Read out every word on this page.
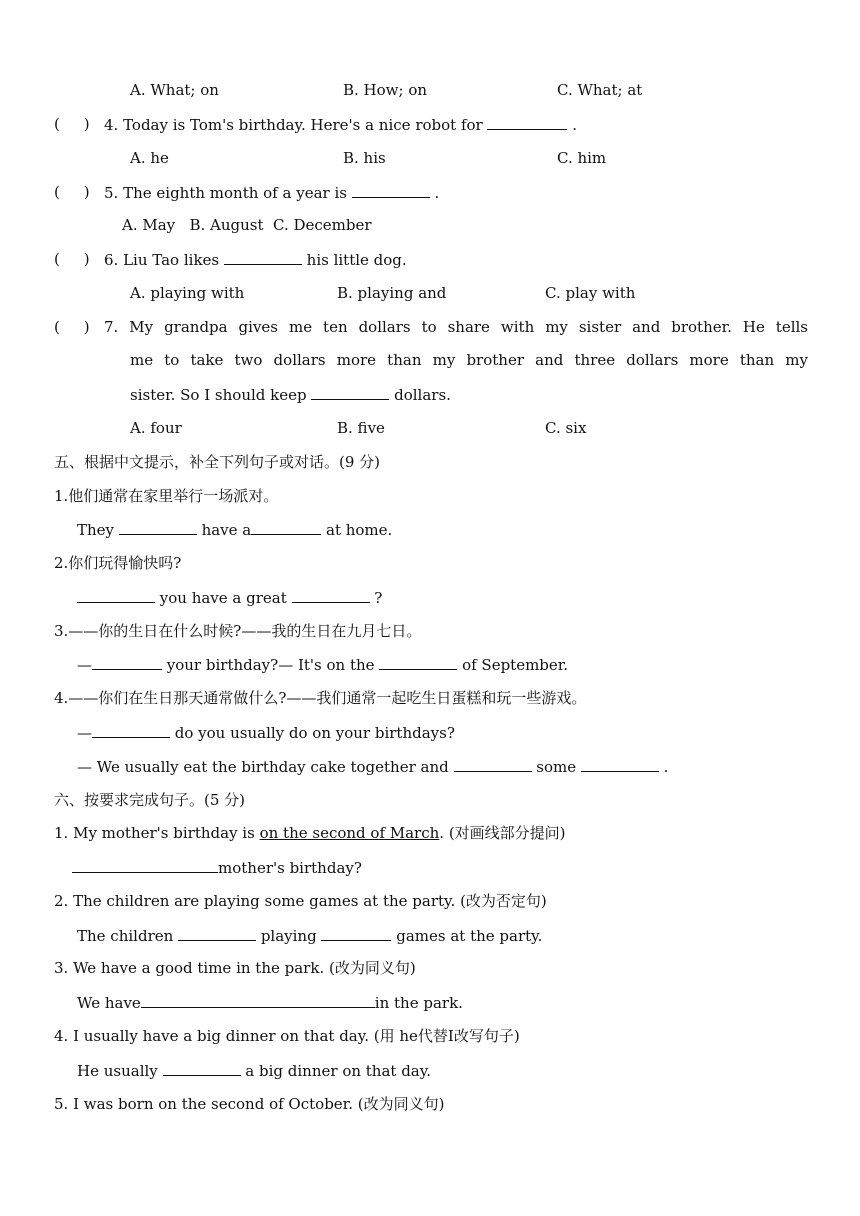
A. What; on	B. How; on	C. What; at
(     ) 4. Today is Tom's birthday. Here's a nice robot for	.
A. he	B. his	C. him
(     ) 5. The eighth month of a year is	.
A. May   B. August  C. December
(     ) 6. Liu Tao likes	his little dog.
A. playing with	B. playing and	C. play with
(     ) 7. My grandpa gives me ten dollars to share with my sister and brother. He tells
me to take two dollars more than my brother and three dollars more than my
sister. So I should keep	dollars.
A. four	B. five	C. six
五、根据中文提示，补全下列句子或对话。(9 分)
1.他们通常在家里举行一场派对。
They	have a	at home.
2.你们玩得愉快吗?
you have a great	?
3.——你的生日在什么时候?——我的生日在九月七日。
—	your birthday?— It's on the	of September.
4.——你们在生日那天通常做什么?——我们通常一起吃生日蛋糕和玩一些游戏。
—	do you usually do on your birthdays?
— We usually eat the birthday cake together and	some	.
六、按要求完成句子。(5 分)
1. My mother's birthday is on the second of March. (对画线部分提问)
mother's birthday?
2. The children are playing some games at the party. (改为否定句)
The children	playing	games at the party.
3. We have a good time in the park. (改为同义句)
We have	in the park.
4. I usually have a big dinner on that day. (用 he代替Ⅰ改写句子)
He usually	a big dinner on that day.
5. I was born on the second of October. (改为同义句)
